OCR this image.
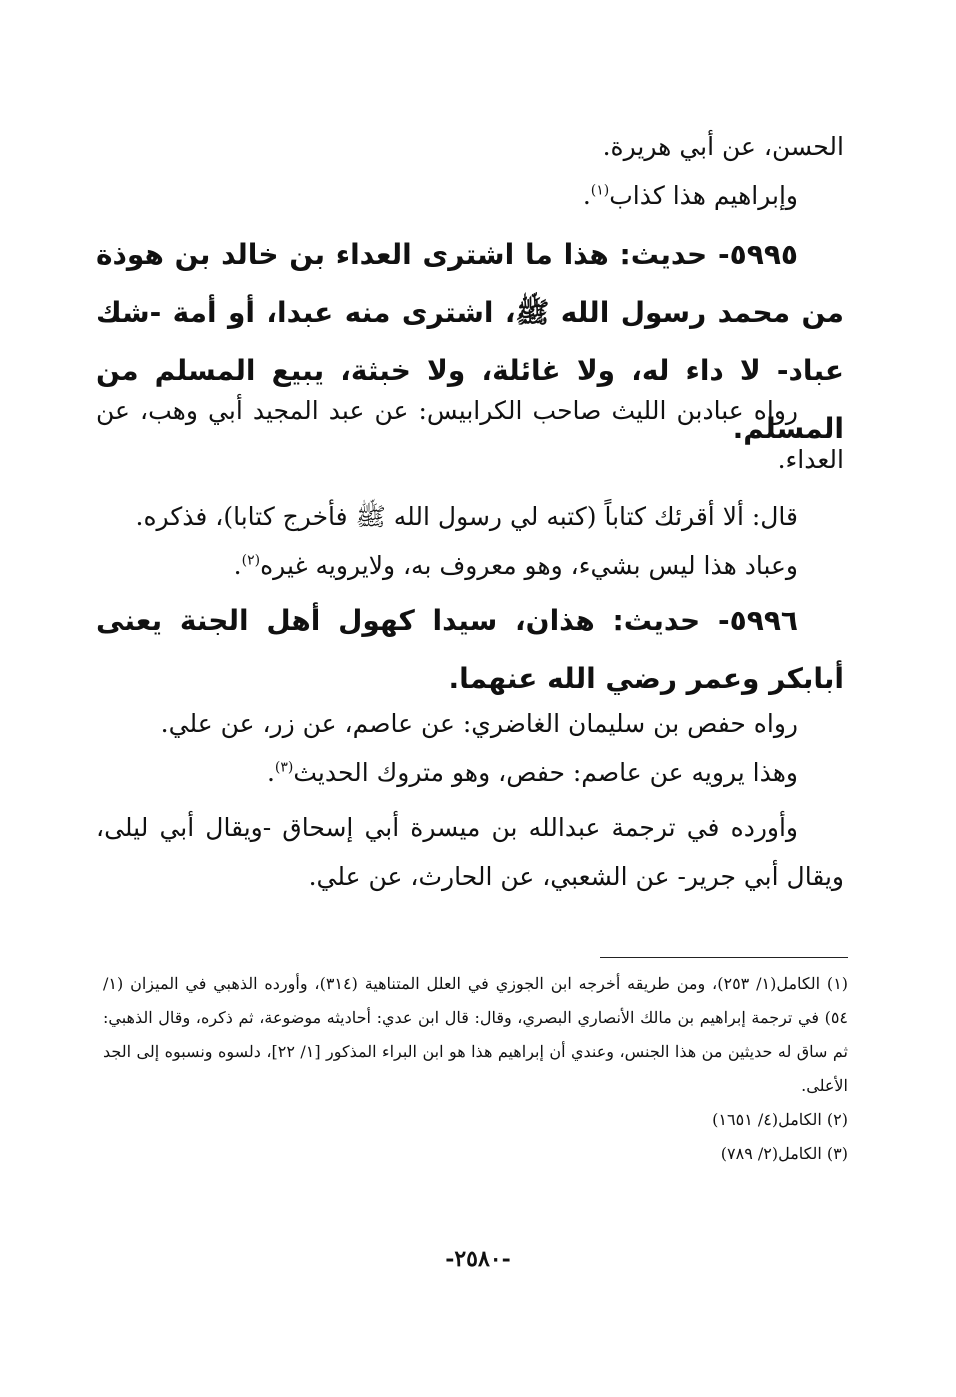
الحسن، عن أبي هريرة.

وإبراهيم هذا كذاب$^{(١)}$.

٥٩٩٥- حديث: هذا ما اشترى العداء بن خالد بن هوذة من محمد رسول الله ﷺ، اشترى منه عبدا، أو أمة -شك عباد- لا داء له، ولا غائلة، ولا خبثة، يبيع المسلم من المسلم.

رواه عبادبن الليث صاحب الكرابيس: عن عبد المجيد أبي وهب، عن العداء.

قال: ألا أقرئك كتاباً (كتبه لي رسول الله ﷺ فأخرج كتابا)، فذكره.

وعباد هذا ليس بشيء، وهو معروف به، ولايرويه غيره$^{(٢)}$.

٥٩٩٦- حديث: هذان، سيدا كهول أهل الجنة يعنى أبابكر وعمر رضي الله عنهما.

رواه حفص بن سليمان الغاضري: عن عاصم، عن زر، عن علي.

وهذا يرويه عن عاصم: حفص، وهو متروك الحديث$^{(٣)}$.

وأورده في ترجمة عبدالله بن ميسرة أبي إسحاق -ويقال أبي ليلى، ويقال أبي جرير- عن الشعبي، عن الحارث، عن علي.

(١) الكامل(١/ ٢٥٣)، ومن طريقه أخرجه ابن الجوزي في العلل المتناهية (٣١٤)، وأورده الذهبي في الميزان (١/ ٥٤) في ترجمة إبراهيم بن مالك الأنصاري البصري، وقال: قال ابن عدي: أحاديثه موضوعة، ثم ذكره، وقال الذهبي: ثم ساق له حديثين من هذا الجنس، وعندي أن إبراهيم هذا هو ابن البراء المذكور [١/ ٢٢]، دلسوه ونسبوه إلى الجد الأعلى.

(٢) الكامل(٤/ ١٦٥١)

(٣) الكامل(٢/ ٧٨٩)

-٢٥٨٠-
